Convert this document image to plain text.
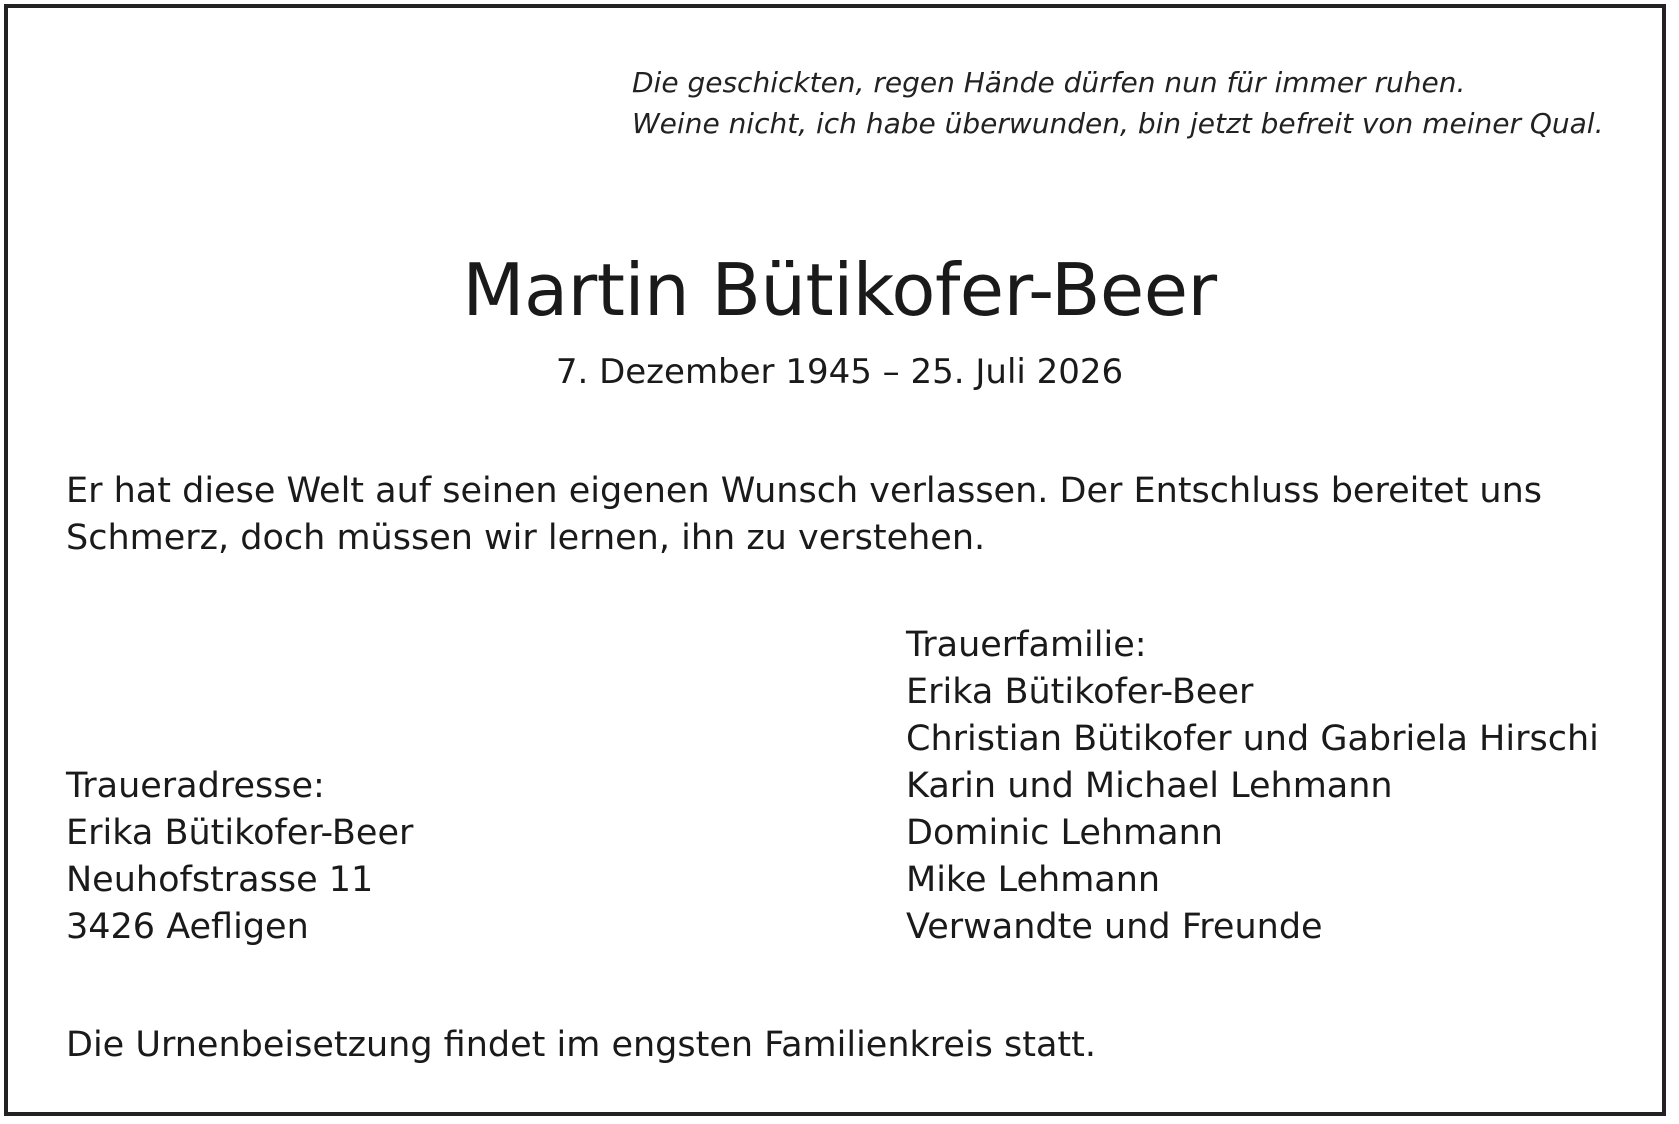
Die geschickten, regen Hände dürfen nun für immer ruhen.
Weine nicht, ich habe überwunden, bin jetzt befreit von meiner Qual.
Martin Bütikofer-Beer
7. Dezember 1945 – 25. Juli 2026
Er hat diese Welt auf seinen eigenen Wunsch verlassen. Der Entschluss bereitet uns
Schmerz, doch müssen wir lernen, ihn zu verstehen.
Trauerfamilie:
Erika Bütikofer-Beer
Christian Bütikofer und Gabriela Hirschi
Karin und Michael Lehmann
Dominic Lehmann
Mike Lehmann
Verwandte und Freunde
Traueradresse:
Erika Bütikofer-Beer
Neuhofstrasse 11
3426 Aefligen
Die Urnenbeisetzung findet im engsten Familienkreis statt.
